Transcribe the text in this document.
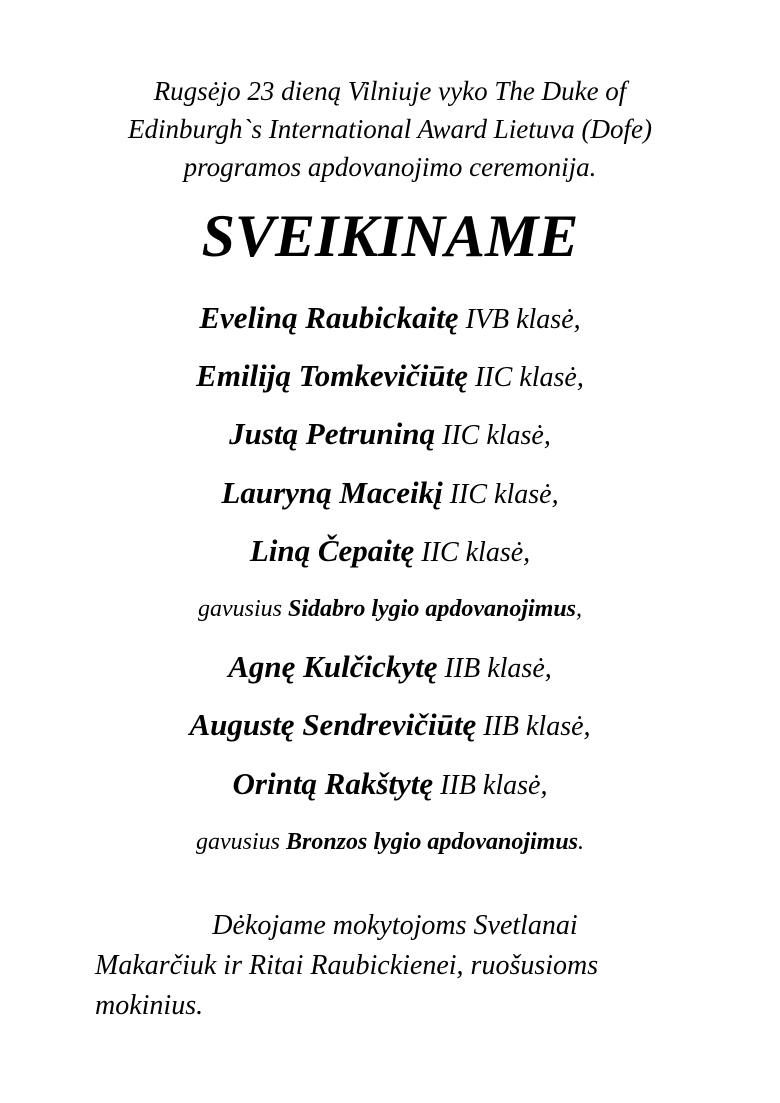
Rugsėjo 23 dieną Vilniuje vyko The Duke of
Edinburgh`s International Award Lietuva (Dofe)
programos apdovanojimo ceremonija.
SVEIKINAME
Eveliną Raubickaitę IVB klasė,
Emiliją Tomkevičiūtę IIC klasė,
Justą Petruniną IIC klasė,
Lauryną Maceikį IIC klasė,
Liną Čepaitę IIC klasė,
gavusius Sidabro lygio apdovanojimus,
Agnę Kulčickytę IIB klasė,
Augustę Sendrevičiūtę IIB klasė,
Orintą Rakštytę IIB klasė,
gavusius Bronzos lygio apdovanojimus.
Dėkojame mokytojoms Svetlanai
Makarčiuk ir Ritai Raubickienei, ruošusioms
mokinius.
